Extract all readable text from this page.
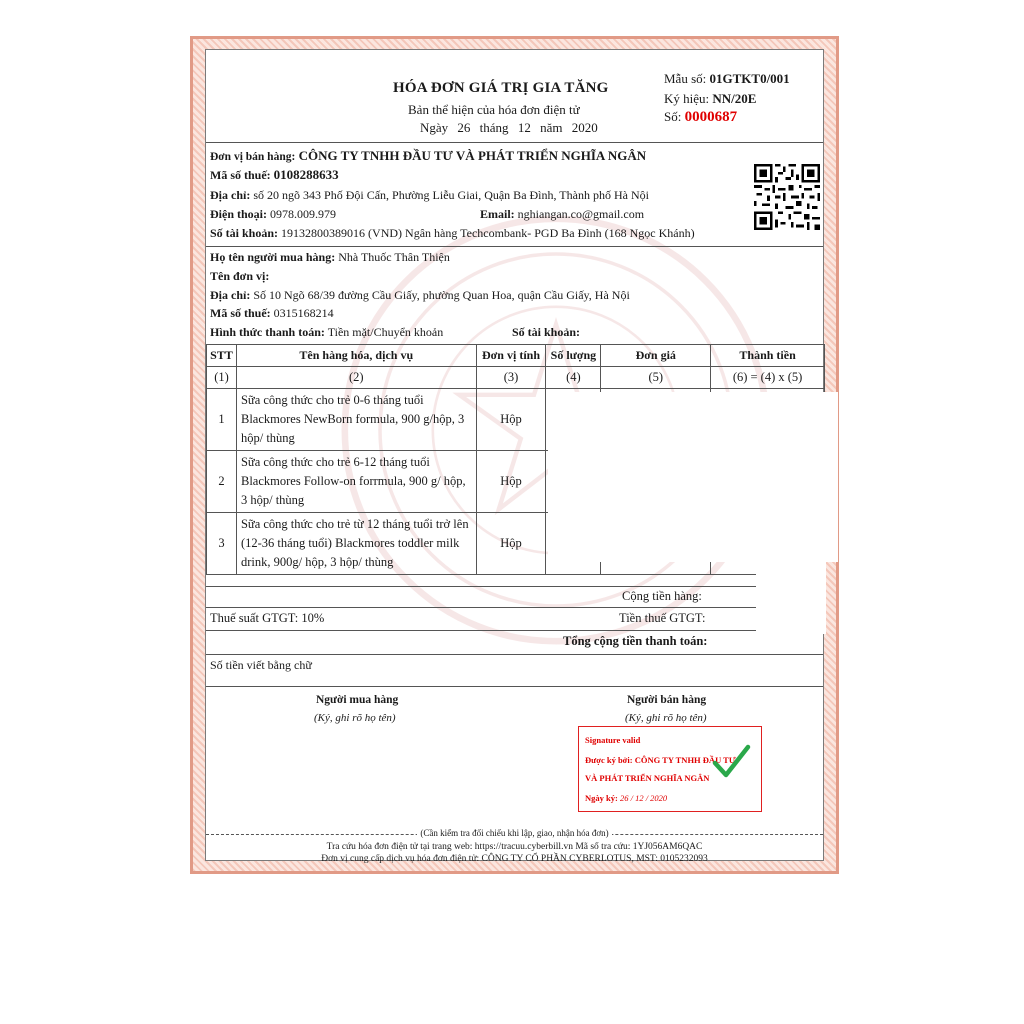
HÓA ĐƠN GIÁ TRỊ GIA TĂNG
Bản thể hiện của hóa đơn điện tử
Ngày 26 tháng 12 năm 2020
Mẫu số: 01GTKT0/001
Ký hiệu: NN/20E
Số: 0000687
Đơn vị bán hàng: CÔNG TY TNHH ĐẦU TƯ VÀ PHÁT TRIỂN NGHĨA NGÂN
Mã số thuế: 0108288633
Địa chỉ: số 20 ngõ 343 Phố Đội Cấn, Phường Liễu Giai, Quận Ba Đình, Thành phố Hà Nội
Điện thoại: 0978.009.979	Email: nghiangan.co@gmail.com
Số tài khoản: 19132800389016 (VND) Ngân hàng Techcombank- PGD Ba Đình (168 Ngọc Khánh)
Họ tên người mua hàng: Nhà Thuốc Thân Thiện
Tên đơn vị:
Địa chỉ: Số 10 Ngõ 68/39 đường Cầu Giấy, phường Quan Hoa, quận Cầu Giấy, Hà Nội
Mã số thuế: 0315168214
Hình thức thanh toán: Tiền mặt/Chuyển khoản	Số tài khoản:
STT	Tên hàng hóa, dịch vụ	Đơn vị tính	Số lượng	Đơn giá	Thành tiền
(1)	(2)	(3)	(4)	(5)	(6) = (4) x (5)
1	Sữa công thức cho trẻ 0-6 tháng tuổi Blackmores NewBorn formula, 900 g/hộp, 3 hộp/ thùng	Hộp			
2	Sữa công thức cho trẻ 6-12 tháng tuổi Blackmores Follow-on forrmula, 900 g/ hộp, 3 hộp/ thùng	Hộp			
3	Sữa công thức cho trẻ từ 12 tháng tuổi trở lên (12-36 tháng tuổi) Blackmores toddler milk drink, 900g/ hộp, 3 hộp/ thùng	Hộp			
Cộng tiền hàng:
Thuế suất GTGT: 10%	Tiền thuế GTGT:
Tổng cộng tiền thanh toán:
Số tiền viết bằng chữ
Người mua hàng
(Ký, ghi rõ họ tên)
Người bán hàng
(Ký, ghi rõ họ tên)
Signature valid
Được ký bởi: CÔNG TY TNHH ĐẦU TƯ
VÀ PHÁT TRIỂN NGHĨA NGÂN
Ngày ký: 26 / 12 / 2020
(Cần kiểm tra đối chiếu khi lập, giao, nhận hóa đơn)
Tra cứu hóa đơn điện tử tại trang web: https://tracuu.cyberbill.vn Mã số tra cứu: 1YJ056AM6QAC
Đơn vị cung cấp dịch vụ hóa đơn điện tử: CÔNG TY CỔ PHẦN CYBERLOTUS, MST: 0105232093
